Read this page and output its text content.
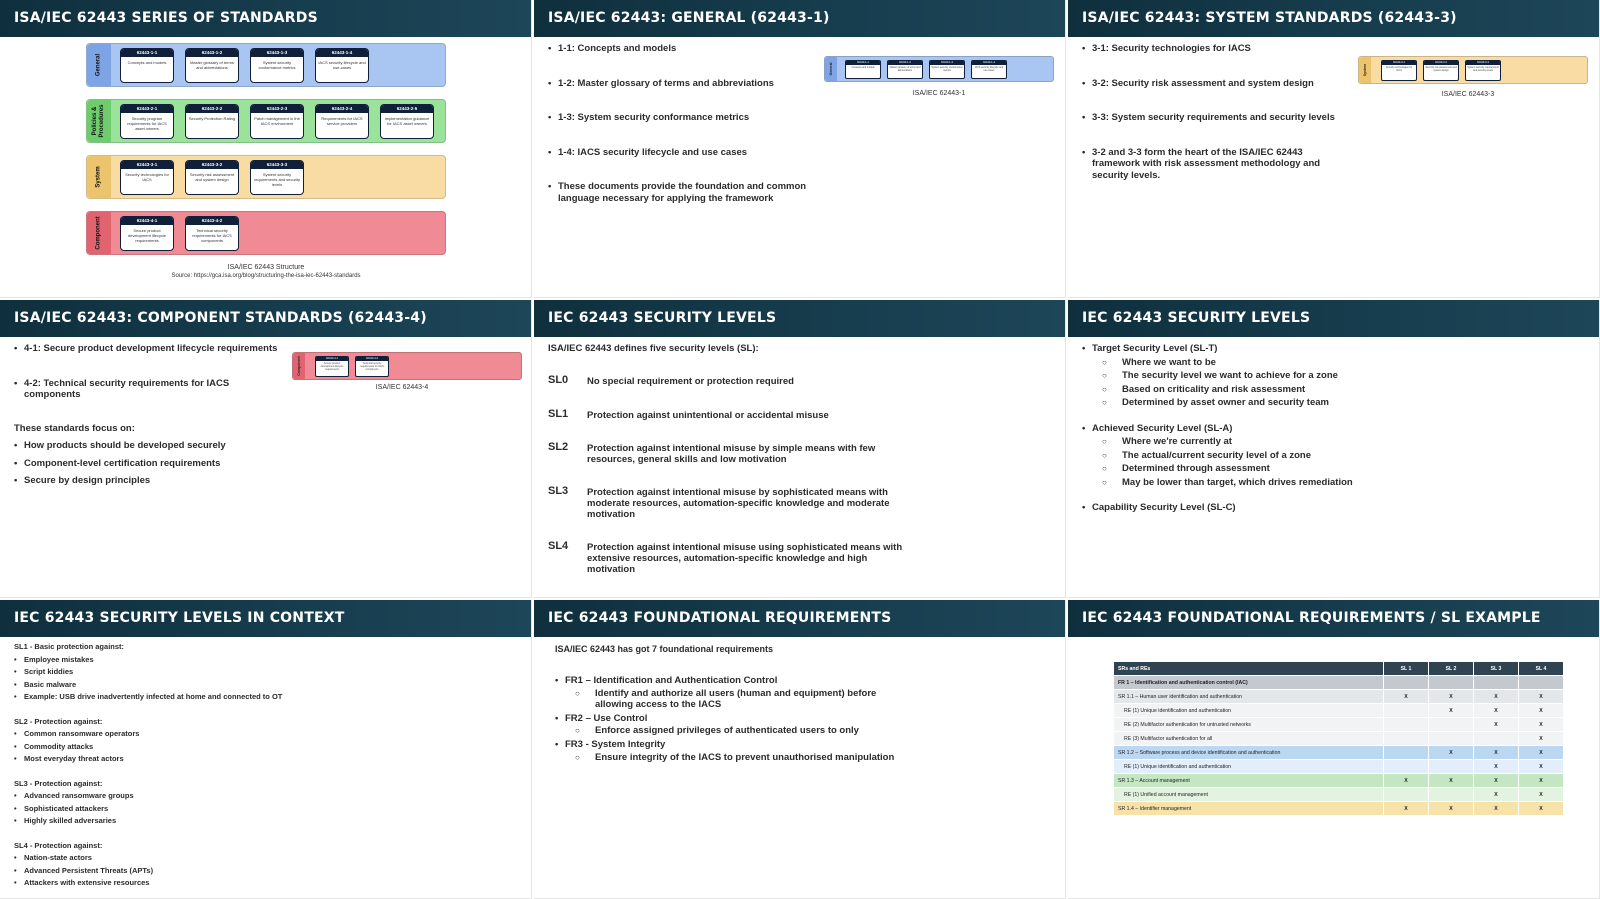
ISA/IEC 62443 SERIES OF STANDARDS
General
62443-1-1
Concepts and models
62443-1-2
Master glossary of terms and abbreviations
62443-1-3
System security conformance metrics
62443-1-4
IACS security lifecycle and use-cases
Policies & Procedures	62443-2-1
Security program requirements for IACS asset owners
62443-2-2
Security Protection Rating
62443-2-3
Patch management in the IACS environment
62443-2-4
Requirements for IACS service providers
62443-2-5
Implementation guidance for IACS asset owners
System
62443-3-1
Security technologies for IACS
62443-3-2
Security risk assessment and system design
62443-3-3
System security requirements and security levels
Component	62443-4-1
Secure product development lifecycle requirements
62443-4-2
Technical security requirements for IACS components
ISA/IEC 62443 Structure
Source: https://gca.isa.org/blog/structuring-the-isa-iec-62443-standards
ISA/IEC 62443: GENERAL (62443-1)
• 1-1: Concepts and models
• 1-2: Master glossary of terms and abbreviations
• 1-3: System security conformance metrics
• 1-4: IACS security lifecycle and use cases
• These documents provide the foundation and common language necessary for applying the framework
General	62443-1-1
Concepts and models
62443-1-2
Master glossary of terms and abbreviations
62443-1-3
System security conformance metrics
62443-1-4
IACS security lifecycle and use-cases
ISA/IEC 62443-1
ISA/IEC 62443: SYSTEM STANDARDS (62443-3)
• 3-1: Security technologies for IACS
• 3-2: Security risk assessment and system design
• 3-3: System security requirements and security levels
• 3-2 and 3-3 form the heart of the ISA/IEC 62443 framework with risk assessment methodology and security levels.
System
62443-3-1
Security technologies for IACS
62443-3-2
Security risk assessment and system design
62443-3-3
System security requirements and security levels
ISA/IEC 62443-3
ISA/IEC 62443: COMPONENT STANDARDS (62443-4)
• 4-1: Secure product development lifecycle requirements
• 4-2: Technical security requirements for IACS components
These standards focus on:
• How products should be developed securely
• Component-level certification requirements
• Secure by design principles
Component	62443-4-1
Secure product development lifecycle requirements
62443-4-2
Technical security requirements for IACS components
ISA/IEC 62443-4
IEC 62443 SECURITY LEVELS
ISA/IEC 62443 defines five security levels (SL):
SL0 No special requirement or protection required
SL1 Protection against unintentional or accidental misuse
SL2 Protection against intentional misuse by simple means with few resources, general skills and low motivation
SL3 Protection against intentional misuse by sophisticated means with moderate resources, automation-specific knowledge and moderate motivation
SL4 Protection against intentional misuse using sophisticated means with extensive resources, automation-specific knowledge and high motivation
IEC 62443 SECURITY LEVELS
• Target Security Level (SL-T)
○ Where we want to be
○ The security level we want to achieve for a zone
○ Based on criticality and risk assessment
○ Determined by asset owner and security team
• Achieved Security Level (SL-A)
○ Where we're currently at
○ The actual/current security level of a zone
○ Determined through assessment
○ May be lower than target, which drives remediation
• Capability Security Level (SL-C)
IEC 62443 SECURITY LEVELS IN CONTEXT
SL1 - Basic protection against:
• Employee mistakes
• Script kiddies
• Basic malware
• Example: USB drive inadvertently infected at home and connected to OT
SL2 - Protection against:
• Common ransomware operators
• Commodity attacks
• Most everyday threat actors
SL3 - Protection against:
• Advanced ransomware groups
• Sophisticated attackers
• Highly skilled adversaries
SL4 - Protection against:
• Nation-state actors
• Advanced Persistent Threats (APTs)
• Attackers with extensive resources
IEC 62443 FOUNDATIONAL REQUIREMENTS
ISA/IEC 62443 has got 7 foundational requirements
• FR1 – Identification and Authentication Control
○ Identify and authorize all users (human and equipment) before allowing access to the IACS
• FR2 – Use Control
○ Enforce assigned privileges of authenticated users to only
• FR3 - System Integrity
○ Ensure integrity of the IACS to prevent unauthorised manipulation
IEC 62443 FOUNDATIONAL REQUIREMENTS / SL EXAMPLE
SRs and REs	SL 1	SL 2	SL 3	SL 4
FR 1 – Identification and authentication control (IAC)				
SR 1.1 – Human user identification and authentication	X	X	X	X
RE (1) Unique identification and authentication		X	X	X
RE (2) Multifactor authentication for untrusted networks			X	X
RE (3) Multifactor authentication for all				X
SR 1.2 – Software process and device identification and authentication		X	X	X
RE (1) Unique identification and authentication			X	X
SR 1.3 – Account management	X	X	X	X
RE (1) Unified account management			X	X
SR 1.4 – Identifier management	X	X	X	X
